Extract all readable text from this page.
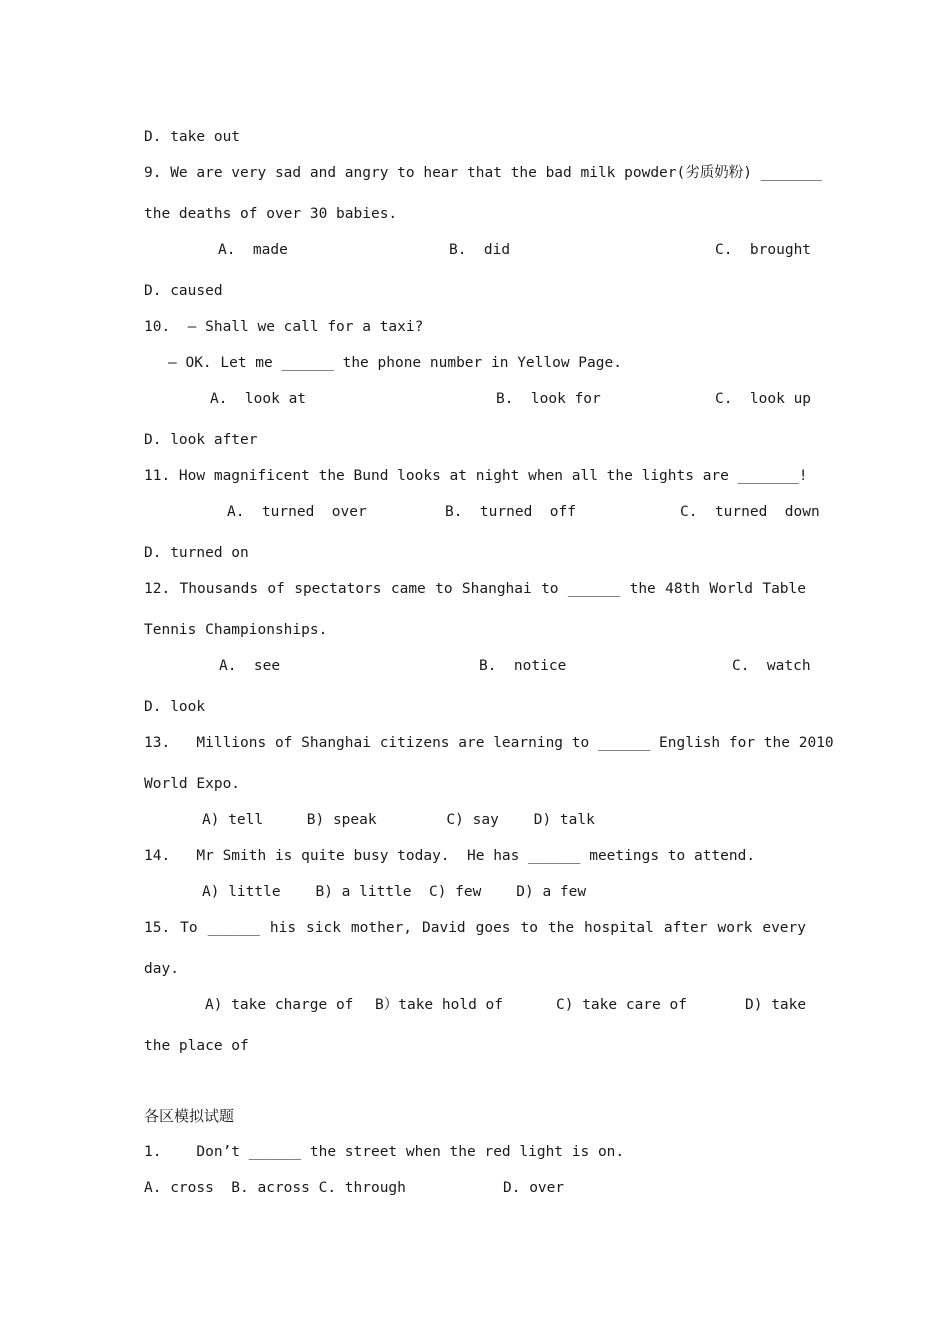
D. take out
9. We are very sad and angry to hear that the bad milk powder(劣质奶粉) _______
the deaths of over 30 babies.
A.  made	B.  did	C.  brought
D. caused
10.  – Shall we call for a taxi?
– OK. Let me ______ the phone number in Yellow Page.
A.  look at	B.  look for	C.  look up
D. look after
11. How magnificent the Bund looks at night when all the lights are _______!
A.  turned  over	B.  turned  off	C.  turned  down
D. turned on
12. Thousands of spectators came to Shanghai to ______ the 48th World Table
Tennis Championships.
A.  see	B.  notice	C.  watch
D. look
13.   Millions of Shanghai citizens are learning to ______ English for the 2010
World Expo.
A) tell     B) speak        C) say    D) talk
14.   Mr Smith is quite busy today.  He has ______ meetings to attend.
A) little    B) a little  C) few    D) a few
15. To ______ his sick mother, David goes to the hospital after work every
day.
A) take charge of B）take hold of	C) take care of	D) take
the place of
各区模拟试题
1.    Don’t ______ the street when the red light is on.
A. cross  B. across C. through	D. over
